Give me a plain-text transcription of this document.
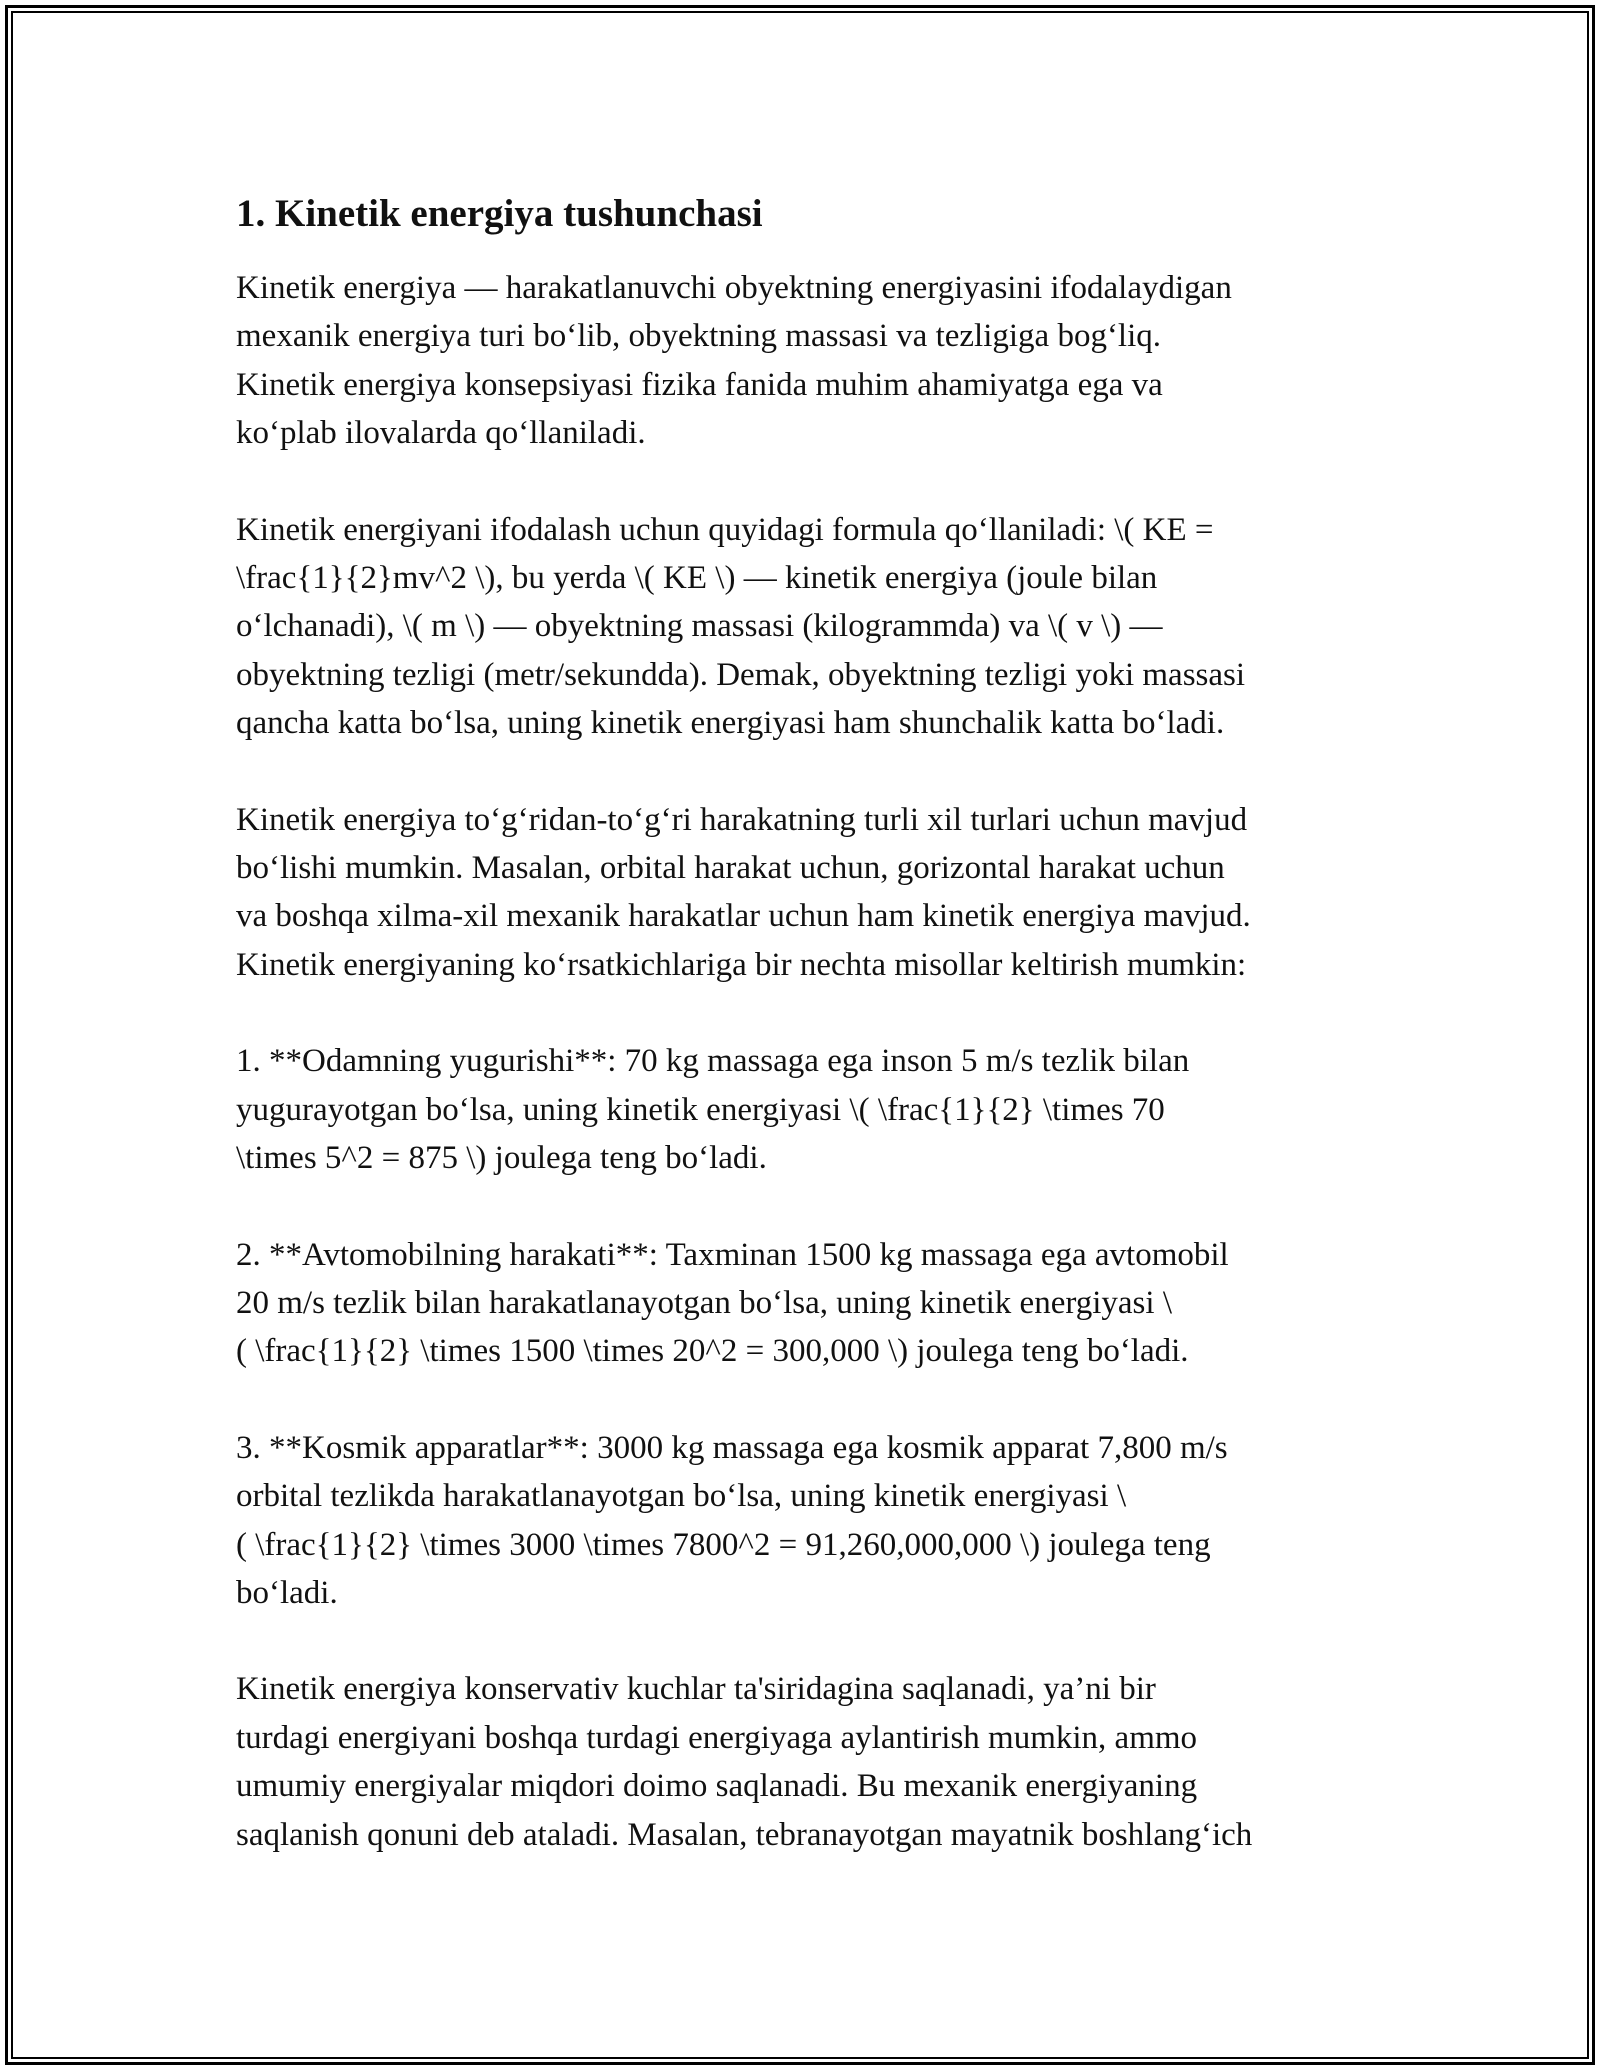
1. Kinetik energiya tushunchasi

Kinetik energiya — harakatlanuvchi obyektning energiyasini ifodalaydigan
mexanik energiya turi bo‘lib, obyektning massasi va tezligiga bog‘liq.
Kinetik energiya konsepsiyasi fizika fanida muhim ahamiyatga ega va
ko‘plab ilovalarda qo‘llaniladi.

Kinetik energiyani ifodalash uchun quyidagi formula qo‘llaniladi: \( KE =
\frac{1}{2}mv^2 \), bu yerda \( KE \) — kinetik energiya (joule bilan
o‘lchanadi), \( m \) — obyektning massasi (kilogrammda) va \( v \) —
obyektning tezligi (metr/sekundda). Demak, obyektning tezligi yoki massasi
qancha katta bo‘lsa, uning kinetik energiyasi ham shunchalik katta bo‘ladi.

Kinetik energiya to‘g‘ridan-to‘g‘ri harakatning turli xil turlari uchun mavjud
bo‘lishi mumkin. Masalan, orbital harakat uchun, gorizontal harakat uchun
va boshqa xilma-xil mexanik harakatlar uchun ham kinetik energiya mavjud.
Kinetik energiyaning ko‘rsatkichlariga bir nechta misollar keltirish mumkin:

1. **Odamning yugurishi**: 70 kg massaga ega inson 5 m/s tezlik bilan
yugurayotgan bo‘lsa, uning kinetik energiyasi \( \frac{1}{2} \times 70
\times 5^2 = 875 \) joulega teng bo‘ladi.

2. **Avtomobilning harakati**: Taxminan 1500 kg massaga ega avtomobil
20 m/s tezlik bilan harakatlanayotgan bo‘lsa, uning kinetik energiyasi \
( \frac{1}{2} \times 1500 \times 20^2 = 300,000 \) joulega teng bo‘ladi.

3. **Kosmik apparatlar**: 3000 kg massaga ega kosmik apparat 7,800 m/s
orbital tezlikda harakatlanayotgan bo‘lsa, uning kinetik energiyasi \
( \frac{1}{2} \times 3000 \times 7800^2 = 91,260,000,000 \) joulega teng
bo‘ladi.

Kinetik energiya konservativ kuchlar ta'siridagina saqlanadi, ya’ni bir
turdagi energiyani boshqa turdagi energiyaga aylantirish mumkin, ammo
umumiy energiyalar miqdori doimo saqlanadi. Bu mexanik energiyaning
saqlanish qonuni deb ataladi. Masalan, tebranayotgan mayatnik boshlang‘ich
